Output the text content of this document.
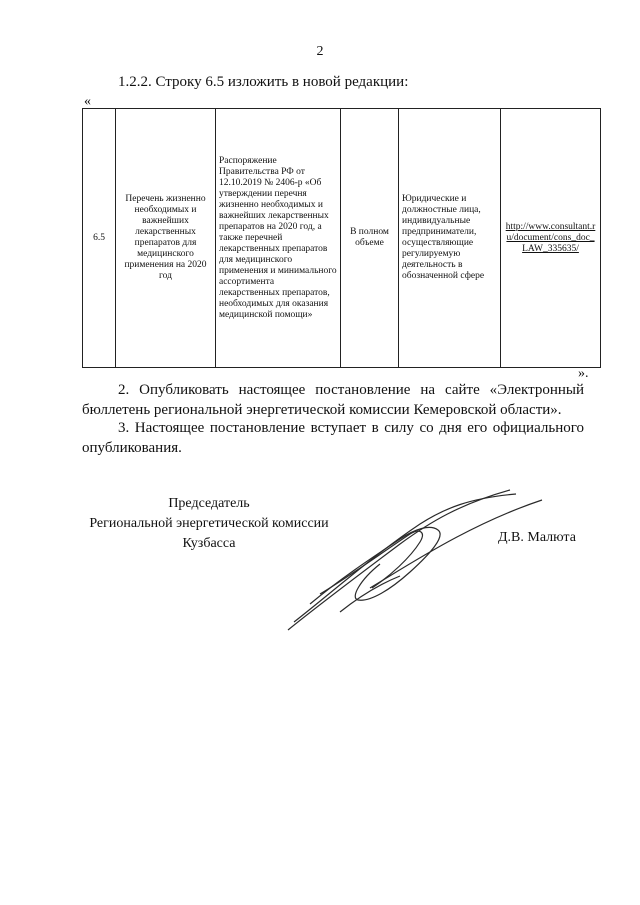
2
1.2.2. Строку 6.5 изложить в новой редакции:
«
6.5	Перечень жизненно необходимых и важнейших лекарственных препаратов для медицинского применения на 2020 год	Распоряжение Правительства РФ от 12.10.2019 № 2406-р «Об утверждении перечня жизненно необходимых и важнейших лекарственных препаратов на 2020 год, а также перечней лекарственных препаратов для медицинского применения и минимального ассортимента лекарственных препаратов, необходимых для оказания медицинской помощи»	В полном объеме	Юридические и должностные лица, индивидуальные предприниматели, осуществляющие регулируемую деятельность в обозначенной сфере	http://www.consultant.ru/document/cons_doc_LAW_335635/
».
2. Опубликовать настоящее постановление на сайте «Электронный бюллетень региональной энергетической комиссии Кемеровской области».
3. Настоящее постановление вступает в силу со дня его официального опубликования.
Председатель
Региональной энергетической комиссии
Кузбасса	Д.В. Малюта
